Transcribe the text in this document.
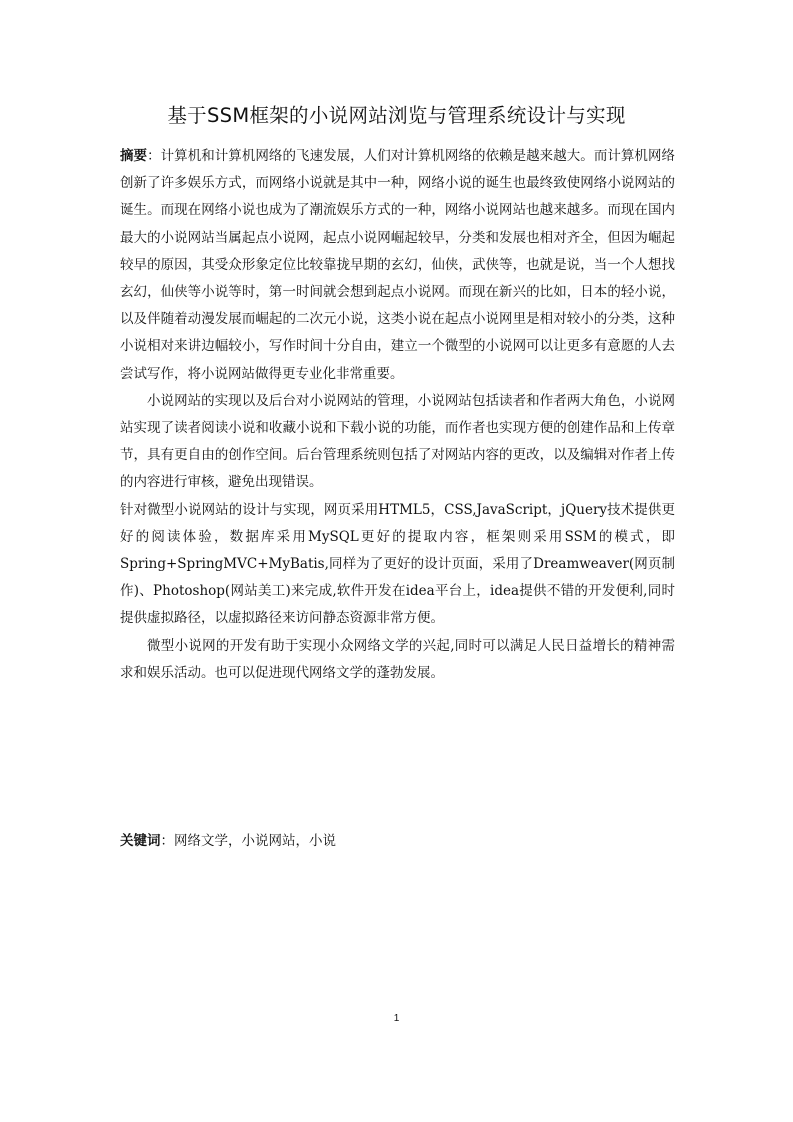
基于SSM框架的小说网站浏览与管理系统设计与实现

摘要：计算机和计算机网络的飞速发展，人们对计算机网络的依赖是越来越大。而计算机网络创新了许多娱乐方式，而网络小说就是其中一种，网络小说的诞生也最终致使网络小说网站的诞生。而现在网络小说也成为了潮流娱乐方式的一种，网络小说网站也越来越多。而现在国内最大的小说网站当属起点小说网，起点小说网崛起较早，分类和发展也相对齐全，但因为崛起较早的原因，其受众形象定位比较靠拢早期的玄幻，仙侠，武侠等，也就是说，当一个人想找玄幻，仙侠等小说等时，第一时间就会想到起点小说网。而现在新兴的比如，日本的轻小说，以及伴随着动漫发展而崛起的二次元小说，这类小说在起点小说网里是相对较小的分类，这种小说相对来讲边幅较小，写作时间十分自由，建立一个微型的小说网可以让更多有意愿的人去尝试写作，将小说网站做得更专业化非常重要。

小说网站的实现以及后台对小说网站的管理，小说网站包括读者和作者两大角色，小说网站实现了读者阅读小说和收藏小说和下载小说的功能，而作者也实现方便的创建作品和上传章节，具有更自由的创作空间。后台管理系统则包括了对网站内容的更改，以及编辑对作者上传的内容进行审核，避免出现错误。

针对微型小说网站的设计与实现，网页采用HTML5，CSS,JavaScript，jQuery技术提供更好的阅读体验，数据库采用MySQL更好的提取内容，框架则采用SSM的模式，即Spring+SpringMVC+MyBatis,同样为了更好的设计页面，采用了Dreamweaver(网页制作)、Photoshop(网站美工)来完成,软件开发在idea平台上，idea提供不错的开发便利,同时提供虚拟路径，以虚拟路径来访问静态资源非常方便。

微型小说网的开发有助于实现小众网络文学的兴起,同时可以满足人民日益增长的精神需求和娱乐活动。也可以促进现代网络文学的蓬勃发展。

关键词：网络文学，小说网站，小说
1
